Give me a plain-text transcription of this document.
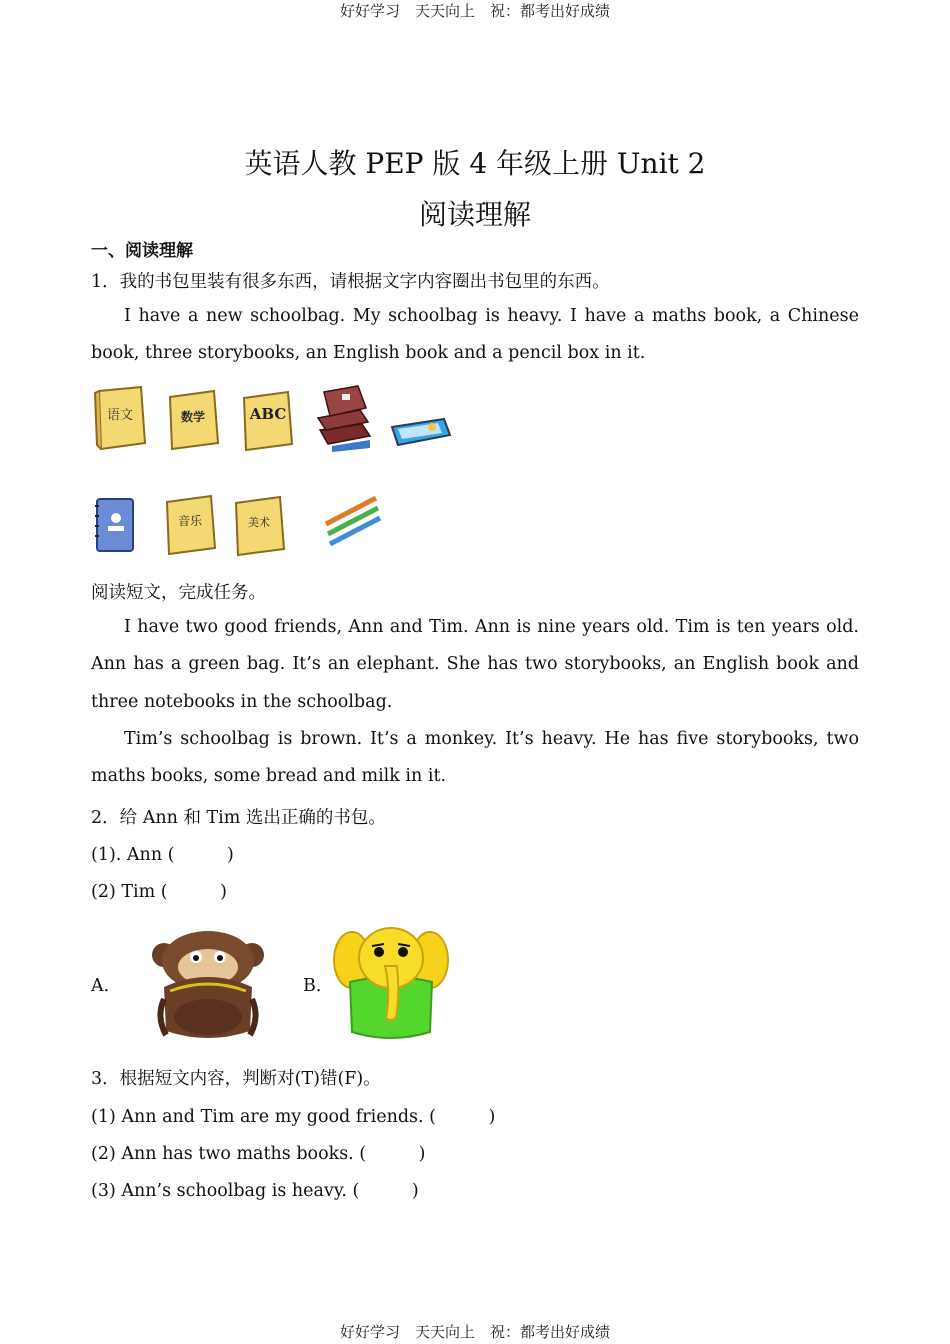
好好学习　天天向上　祝：都考出好成绩
英语人教 PEP 版 4 年级上册 Unit 2
阅读理解
一、阅读理解
1．我的书包里装有很多东西，请根据文字内容圈出书包里的东西。
I have a new schoolbag. My schoolbag is heavy. I have a maths book, a Chinese book, three storybooks, an English book and a pencil box in it.
语文	数学	ABC
音乐	美术
阅读短文，完成任务。
I have two good friends, Ann and Tim. Ann is nine years old. Tim is ten years old. Ann has a green bag. It’s an elephant. She has two storybooks, an English book and three notebooks in the schoolbag.
Tim’s schoolbag is brown. It’s a monkey. It’s heavy. He has five storybooks, two maths books, some bread and milk in it.
2．给 Ann 和 Tim 选出正确的书包。
(1). Ann (　　　)
(2) Tim (　　　)
A．	B．
3．根据短文内容，判断对(T)错(F)。
(1) Ann and Tim are my good friends. (　　　)
(2) Ann has two maths books. (　　　)
(3) Ann’s schoolbag is heavy. (　　　)
好好学习　天天向上　祝：都考出好成绩
